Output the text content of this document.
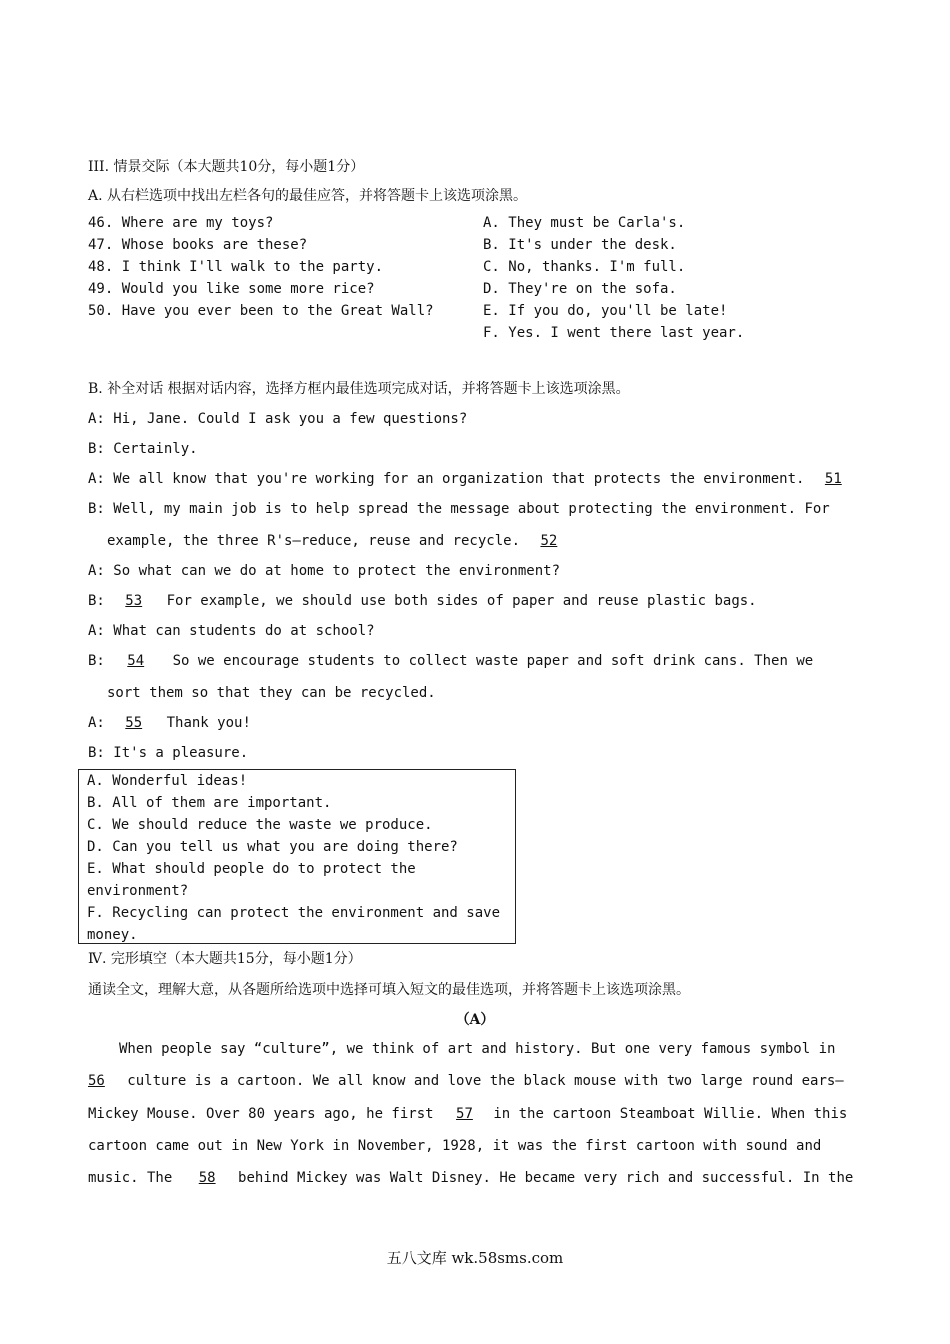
III. 情景交际（本大题共10分，每小题1分）
A. 从右栏选项中找出左栏各句的最佳应答，并将答题卡上该选项涂黑。
46. Where are my toys?
47. Whose books are these?
48. I think I'll walk to the party.
49. Would you like some more rice?
50. Have you ever been to the Great Wall?
A. They must be Carla's.
B. It's under the desk.
C. No, thanks. I'm full.
D. They're on the sofa.
E. If you do, you'll be late!
F. Yes. I went there last year.
B. 补全对话 根据对话内容，选择方框内最佳选项完成对话，并将答题卡上该选项涂黑。
A: Hi, Jane. Could I ask you a few questions?
B: Certainly.
A: We all know that you're working for an organization that protects the environment. 51
B: Well, my main job is to help spread the message about protecting the environment. For
example, the three R's—reduce, reuse and recycle. 52
A: So what can we do at home to protect the environment?
B: 53 For example, we should use both sides of paper and reuse plastic bags.
A: What can students do at school?
B: 54 So we encourage students to collect waste paper and soft drink cans. Then we
sort them so that they can be recycled.
A: 55 Thank you!
B: It's a pleasure.
A. Wonderful ideas!
B. All of them are important.
C. We should reduce the waste we produce.
D. Can you tell us what you are doing there?
E. What should people do to protect the
environment?
F. Recycling can protect the environment and save
money.
Ⅳ. 完形填空（本大题共15分，每小题1分）
通读全文，理解大意，从各题所给选项中选择可填入短文的最佳选项，并将答题卡上该选项涂黑。
（A）
When people say “culture”, we think of art and history. But one very famous symbol in
56 culture is a cartoon. We all know and love the black mouse with two large round ears—
Mickey Mouse. Over 80 years ago, he first 57 in the cartoon Steamboat Willie. When this
cartoon came out in New York in November, 1928, it was the first cartoon with sound and
music. The 58 behind Mickey was Walt Disney. He became very rich and successful. In the
五八文库 wk.58sms.com
